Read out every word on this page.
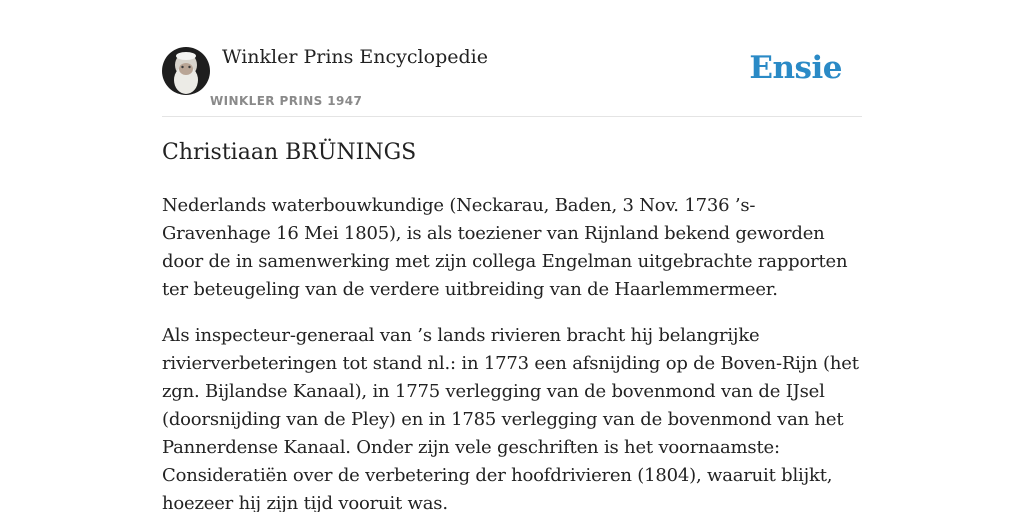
Winkler Prins Encyclopedie
WINKLER PRINS 1947
Ensie
Christiaan BRÜNINGS

Nederlands waterbouwkundige (Neckarau, Baden, 3 Nov. 1736 ’s-Gravenhage 16 Mei 1805), is als toeziener van Rijnland bekend geworden door de in samenwerking met zijn collega Engelman uitgebrachte rapporten ter beteugeling van de verdere uitbreiding van de Haarlemmermeer.

Als inspecteur-generaal van ’s lands rivieren bracht hij belangrijke rivierverbeteringen tot stand nl.: in 1773 een afsnijding op de Boven-Rijn (het zgn. Bijlandse Kanaal), in 1775 verlegging van de bovenmond van de IJsel (doorsnijding van de Pley) en in 1785 verlegging van de bovenmond van het Pannerdense Kanaal. Onder zijn vele geschriften is het voornaamste: Consideratiën over de verbetering der hoofdrivieren (1804), waaruit blijkt, hoezeer hij zijn tijd vooruit was.
